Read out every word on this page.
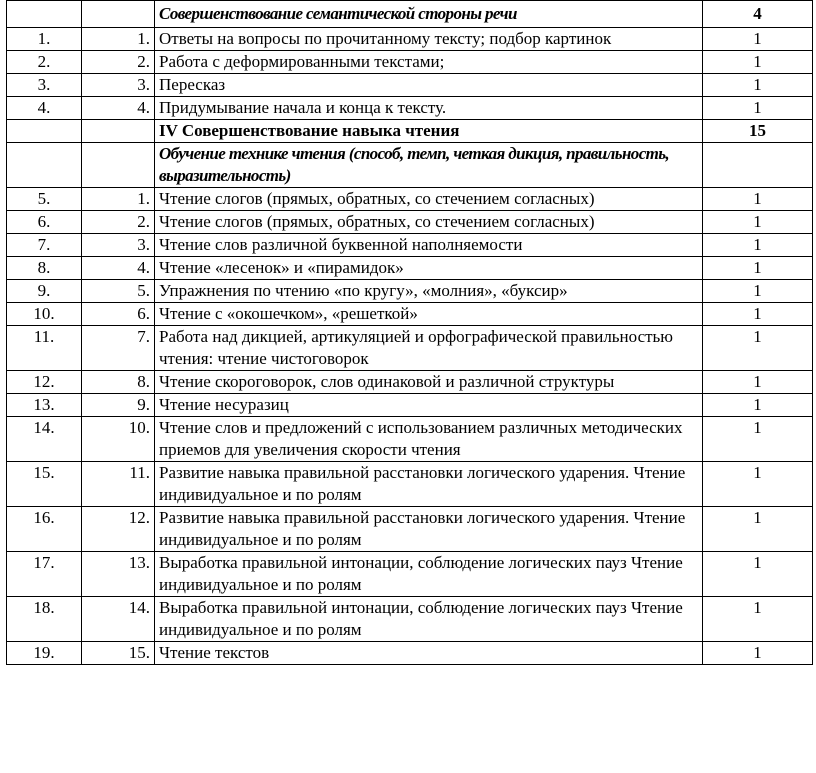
		Совершенствование семантической стороны речи	4
1.	1.	Ответы на вопросы по прочитанному тексту; подбор картинок	1
2.	2.	Работа с деформированными текстами;	1
3.	3.	Пересказ	1
4.	4.	Придумывание начала и конца к тексту.	1
		IV Совершенствование навыка чтения	15
		Обучение технике чтения (способ, темп, четкая дикция, правильность, выразительность)	
5.	1.	Чтение слогов (прямых, обратных, со стечением согласных)	1
6.	2.	Чтение слогов (прямых, обратных, со стечением согласных)	1
7.	3.	Чтение слов различной буквенной наполняемости	1
8.	4.	Чтение «лесенок» и «пирамидок»	1
9.	5.	Упражнения по чтению «по кругу», «молния», «буксир»	1
10.	6.	Чтение с «окошечком», «решеткой»	1
11.	7.	Работа над дикцией, артикуляцией и орфографической правильностью чтения: чтение чистоговорок	1
12.	8.	Чтение скороговорок, слов одинаковой и различной структуры	1
13.	9.	Чтение несуразиц	1
14.	10.	Чтение слов и предложений с использованием различных методических приемов для увеличения скорости чтения	1
15.	11.	Развитие навыка правильной расстановки логического ударения. Чтение индивидуальное и по ролям	1
16.	12.	Развитие навыка правильной расстановки логического ударения. Чтение индивидуальное и по ролям	1
17.	13.	Выработка правильной интонации, соблюдение логических пауз Чтение индивидуальное и по ролям	1
18.	14.	Выработка правильной интонации, соблюдение логических пауз Чтение индивидуальное и по ролям	1
19.	15.	Чтение текстов	1
